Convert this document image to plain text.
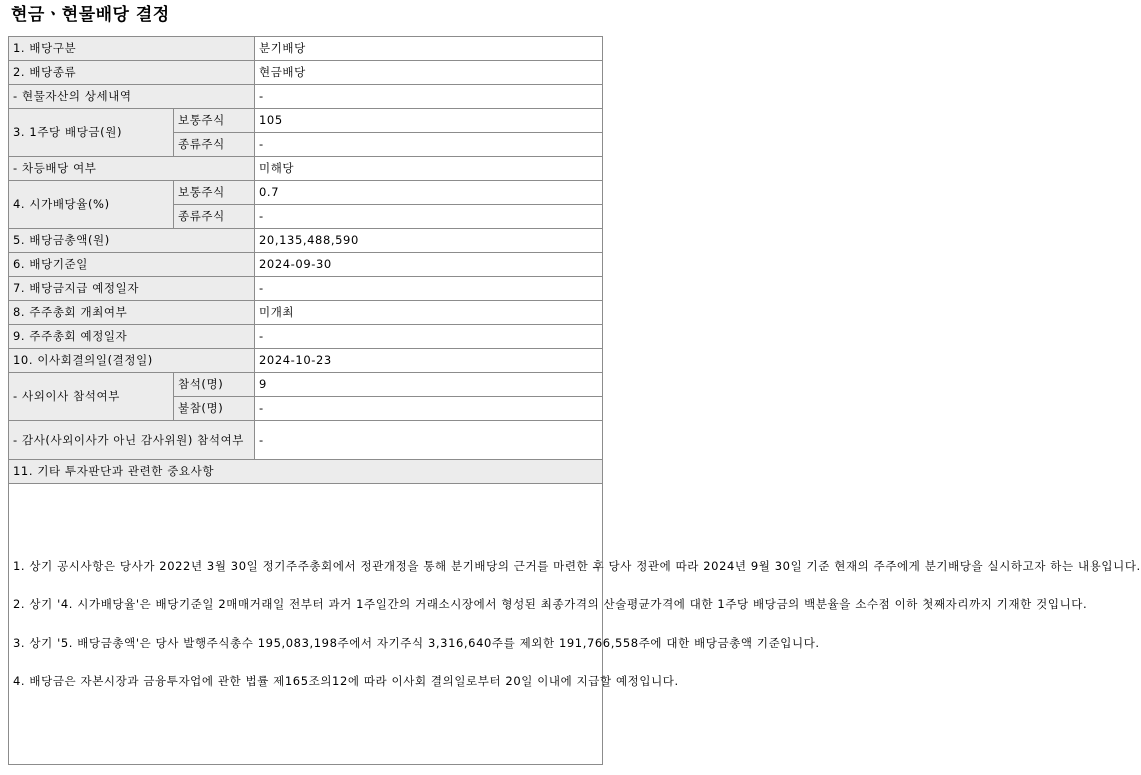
현금ㆍ현물배당 결정
1. 배당구분		분기배당
2. 배당종류		현금배당
- 현물자산의 상세내역		-
3. 1주당 배당금(원)	보통주식	105
	종류주식	-
- 차등배당 여부		미해당
4. 시가배당율(%)	보통주식	0.7
	종류주식	-
5. 배당금총액(원)		20,135,488,590
6. 배당기준일		2024-09-30
7. 배당금지급 예정일자		-
8. 주주총회 개최여부		미개최
9. 주주총회 예정일자		-
10. 이사회결의일(결정일)		2024-10-23
- 사외이사 참석여부	참석(명)	9
	불참(명)	-
- 감사(사외이사가 아닌 감사위원) 참석여부		-
11. 기타 투자판단과 관련한 중요사항		

1. 상기 공시사항은 당사가 2022년 3월 30일 정기주주총회에서 정관개정을 통해 분기배당의 근거를 마련한 후 당사 정관에 따라 2024년 9월 30일 기준 현재의 주주에게 분기배당을 실시하고자 하는 내용입니다.

2. 상기 '4. 시가배당율'은 배당기준일 2매매거래일 전부터 과거 1주일간의 거래소시장에서 형성된 최종가격의 산술평균가격에 대한 1주당 배당금의 백분율을 소수점 이하 첫째자리까지 기재한 것입니다.

3. 상기 '5. 배당금총액'은 당사 발행주식총수 195,083,198주에서 자기주식 3,316,640주를 제외한 191,766,558주에 대한 배당금총액 기준입니다.

4. 배당금은 자본시장과 금융투자업에 관한 법률 제165조의12에 따라 이사회 결의일로부터 20일 이내에 지급할 예정입니다.		
